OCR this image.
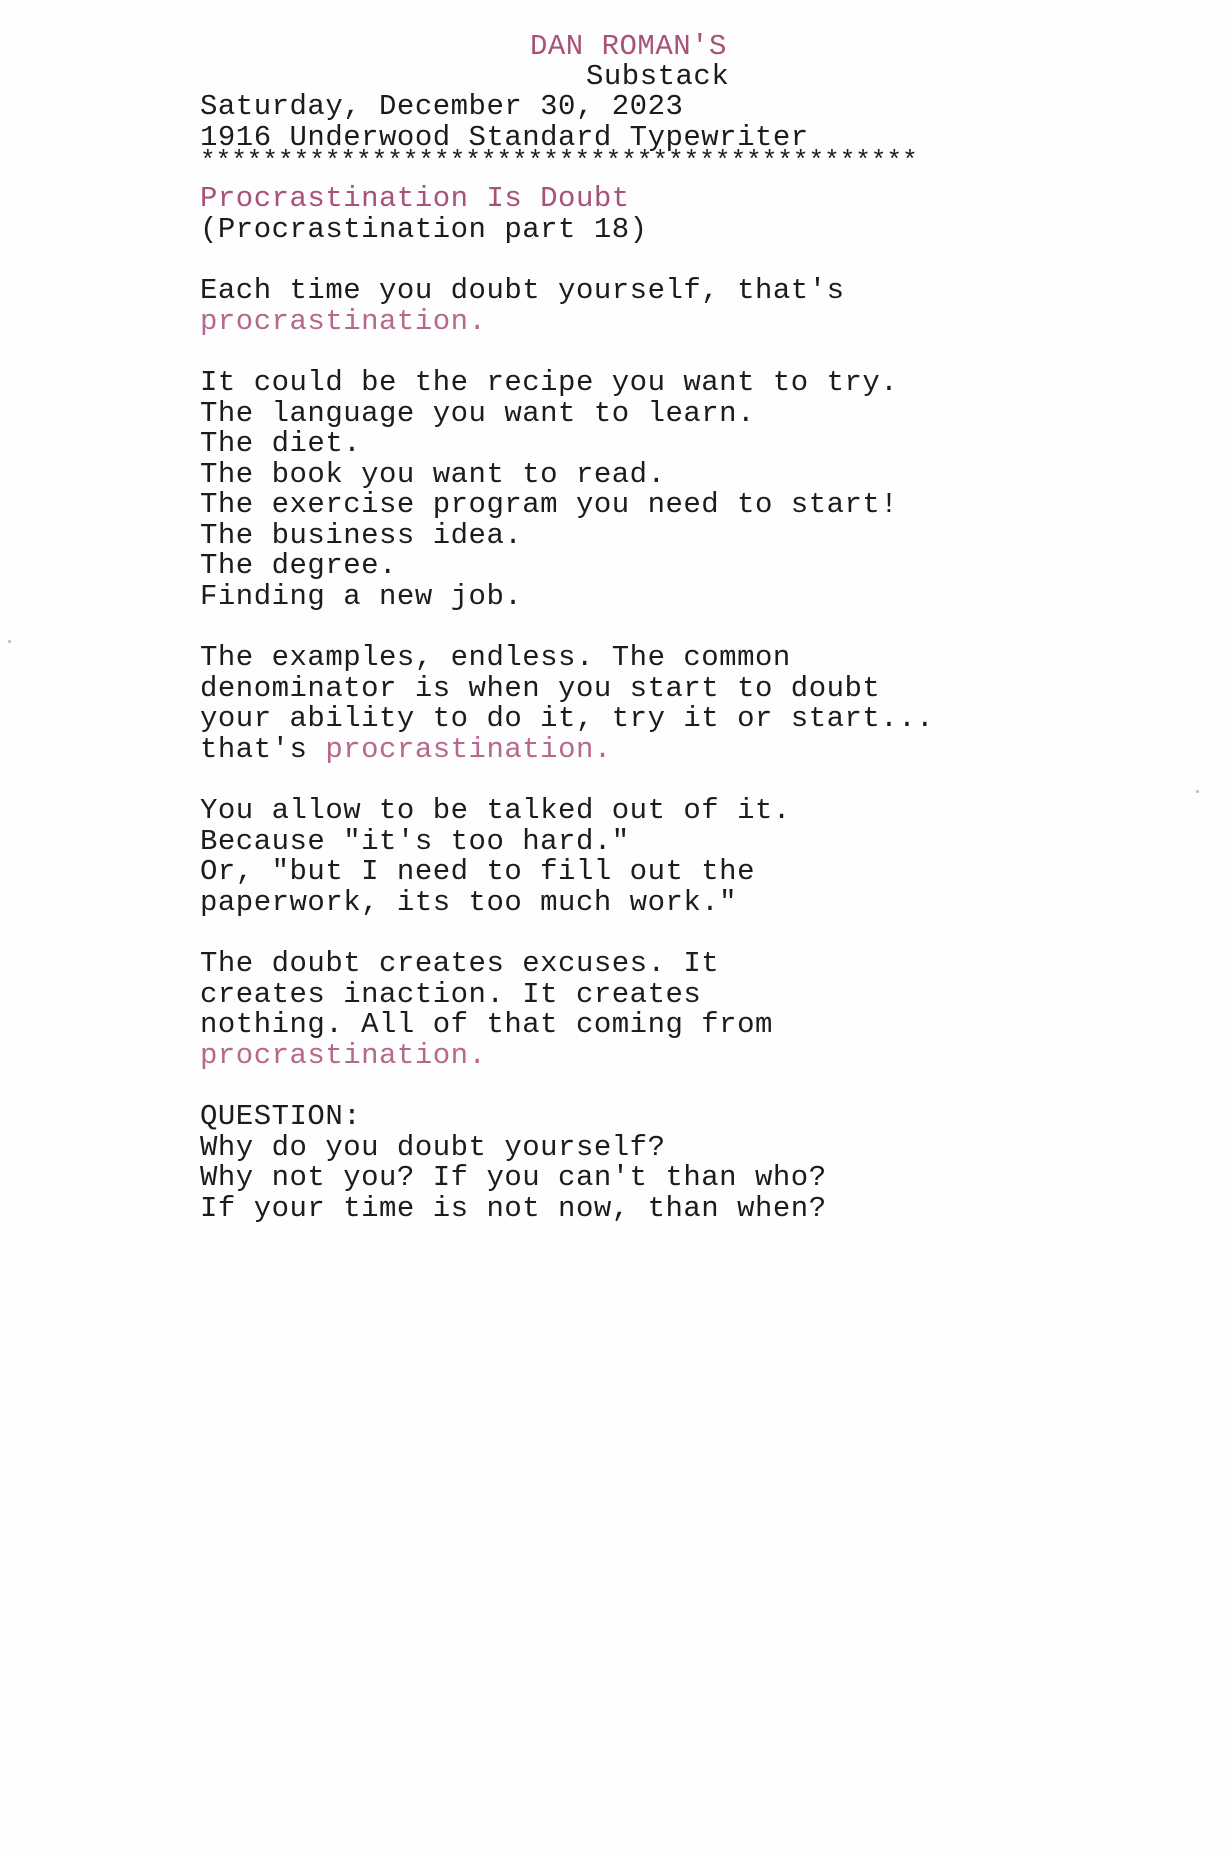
DAN ROMAN'S

Substack

Saturday, December 30, 2023

1916 Underwood Standard Typewriter

**********************************************

Procrastination Is Doubt

(Procrastination part 18)

Each time you doubt yourself, that's

procrastination.

It could be the recipe you want to try.

The language you want to learn.

The diet.

The book you want to read.

The exercise program you need to start!

The business idea.

The degree.

Finding a new job.

The examples, endless. The common

denominator is when you start to doubt

your ability to do it, try it or start...

that's procrastination.

You allow to be talked out of it.

Because "it's too hard."

Or, "but I need to fill out the

paperwork, its too much work."

The doubt creates excuses. It

creates inaction. It creates

nothing. All of that coming from

procrastination.

QUESTION:

Why do you doubt yourself?

Why not you? If you can't than who?

If your time is not now, than when?
